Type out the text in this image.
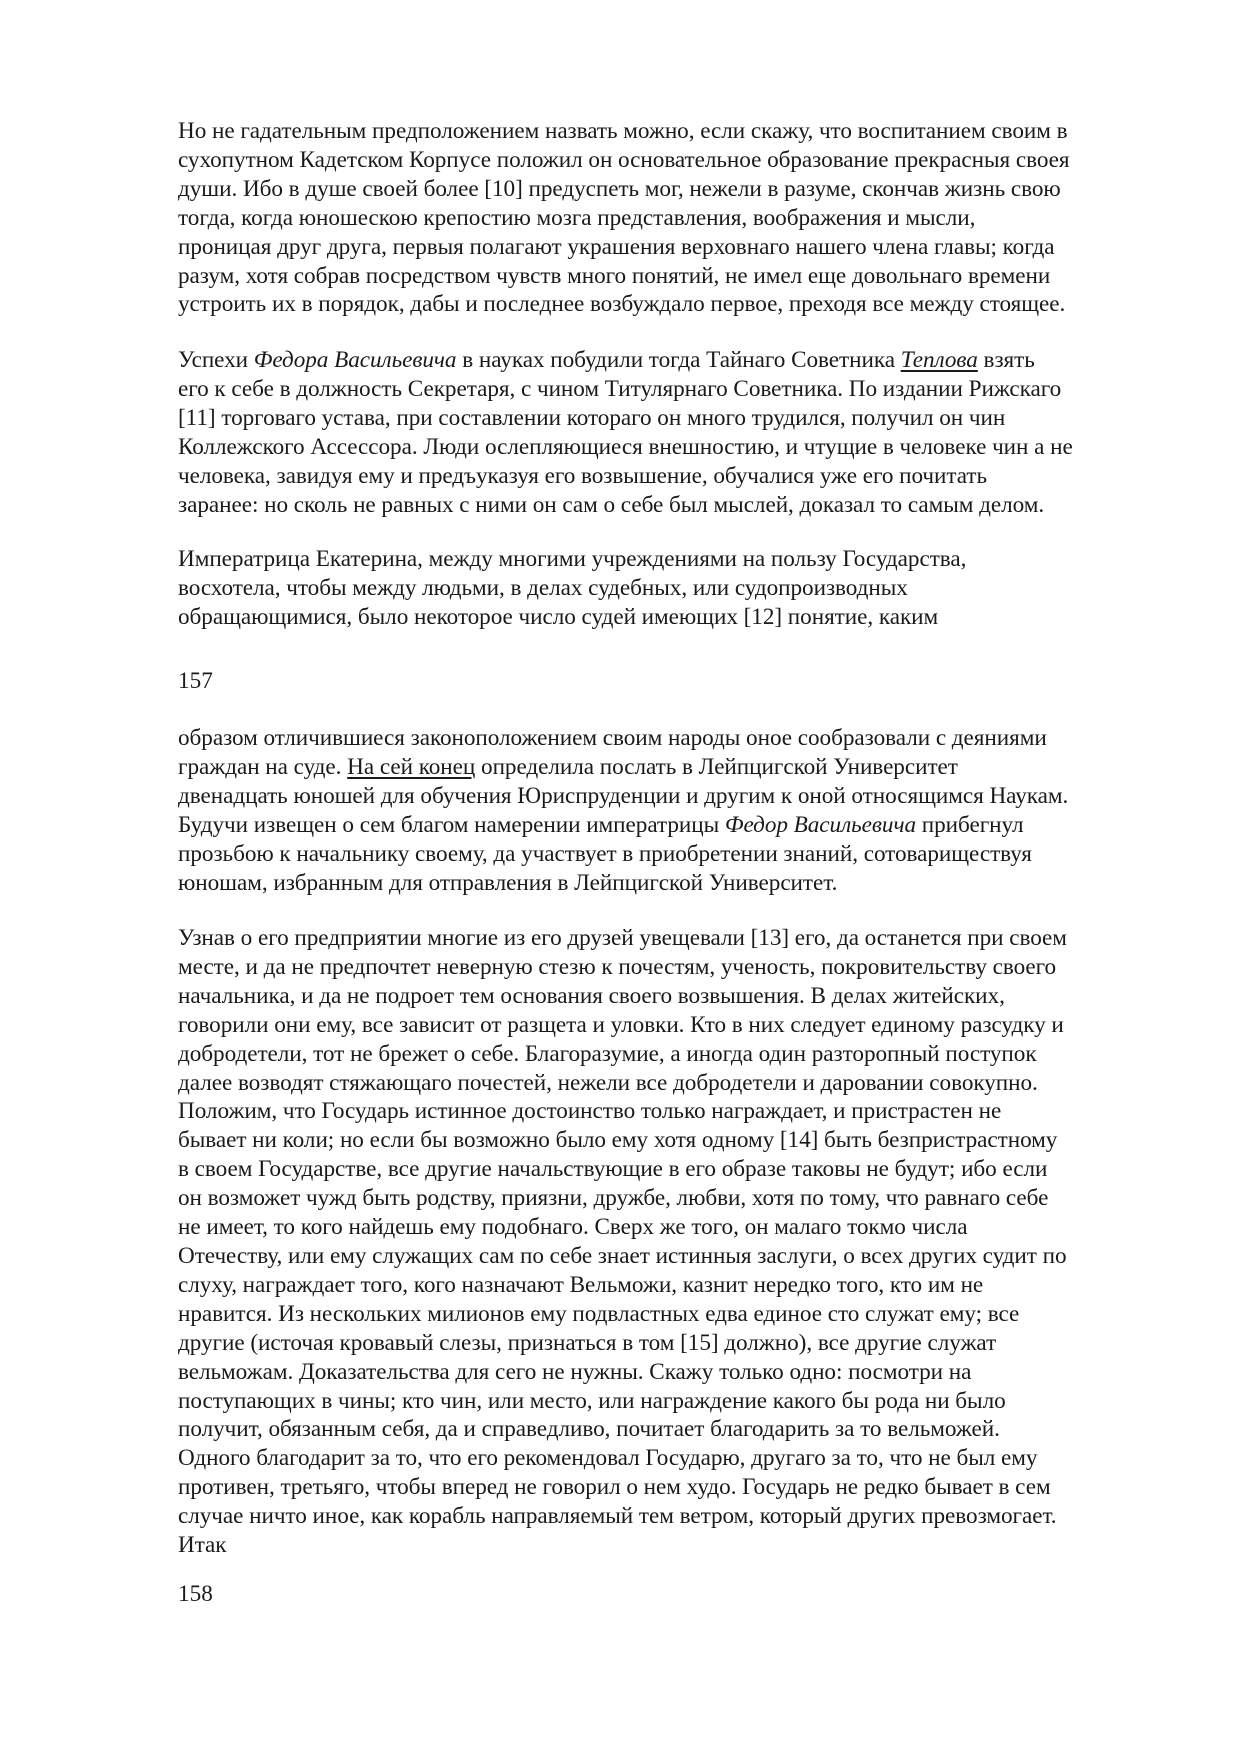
Но не гадательным предположением назвать можно, если скажу, что воспитанием своим в
сухопутном Кадетском Корпусе положил он основательное образование прекрасныя своея
души. Ибо в душе своей более [10] предуспеть мог, нежели в разуме, скончав жизнь свою
тогда, когда юношескою крепостию мозга представления, воображения и мысли,
проницая друг друга, первыя полагают украшения верховнаго нашего члена главы; когда
разум, хотя собрав посредством чувств много понятий, не имел еще довольнаго времени
устроить их в порядок, дабы и последнее возбуждало первое, преходя все между стоящее.
Успехи Федора Васильевича в науках побудили тогда Тайнаго Советника Теплова взять
его к себе в должность Секретаря, с чином Титулярнаго Советника. По издании Рижскаго
[11] торговаго устава, при составлении котораго он много трудился, получил он чин
Коллежского Ассессора. Люди ослепляющиеся внешностию, и чтущие в человеке чин а не
человека, завидуя ему и предъуказуя его возвышение, обучалися уже его почитать
заранее: но сколь не равных с ними он сам о себе был мыслей, доказал то самым делом.
Императрица Екатерина, между многими учреждениями на пользу Государства,
восхотела, чтобы между людьми, в делах судебных, или судопроизводных
обращающимися, было некоторое число судей имеющих [12] понятие, каким
157
образом отличившиеся законоположением своим народы оное сообразовали с деяниями
граждан на суде. На сей конец определила послать в Лейпцигской Университет
двенадцать юношей для обучения Юриспруденции и другим к оной относящимся Наукам.
Будучи извещен о сем благом намерении императрицы Федор Васильевича прибегнул
прозьбою к начальнику своему, да участвует в приобретении знаний, сотовариществуя
юношам, избранным для отправления в Лейпцигской Университет.
Узнав о его предприятии многие из его друзей увещевали [13] его, да останется при своем
месте, и да не предпочтет неверную стезю к почестям, ученость, покровительству своего
начальника, и да не подроет тем основания своего возвышения. В делах житейских,
говорили они ему, все зависит от разщета и уловки. Кто в них следует единому разсудку и
добродетели, тот не брежет о себе. Благоразумие, а иногда один разторопный поступок
далее возводят стяжающаго почестей, нежели все добродетели и даровании совокупно.
Положим, что Государь истинное достоинство только награждает, и пристрастен не
бывает ни коли; но если бы возможно было ему хотя одному [14] быть безпристрастному
в своем Государстве, все другие начальствующие в его образе таковы не будут; ибо если
он возможет чужд быть родству, приязни, дружбе, любви, хотя по тому, что равнаго себе
не имеет, то кого найдешь ему подобнаго. Сверх же того, он малаго токмо числа
Отечеству, или ему служащих сам по себе знает истинныя заслуги, о всех других судит по
слуху, награждает того, кого назначают Вельможи, казнит нередко того, кто им не
нравится. Из нескольких милионов ему подвластных едва единое сто служат ему; все
другие (источая кровавый слезы, признаться в том [15] должно), все другие служат
вельможам. Доказательства для сего не нужны. Скажу только одно: посмотри на
поступающих в чины; кто чин, или место, или награждение какого бы рода ни было
получит, обязанным себя, да и справедливо, почитает благодарить за то вельможей.
Одного благодарит за то, что его рекомендовал Государю, другаго за то, что не был ему
противен, третьяго, чтобы вперед не говорил о нем худо. Государь не редко бывает в сем
случае ничто иное, как корабль направляемый тем ветром, который других превозмогает.
Итак
158
